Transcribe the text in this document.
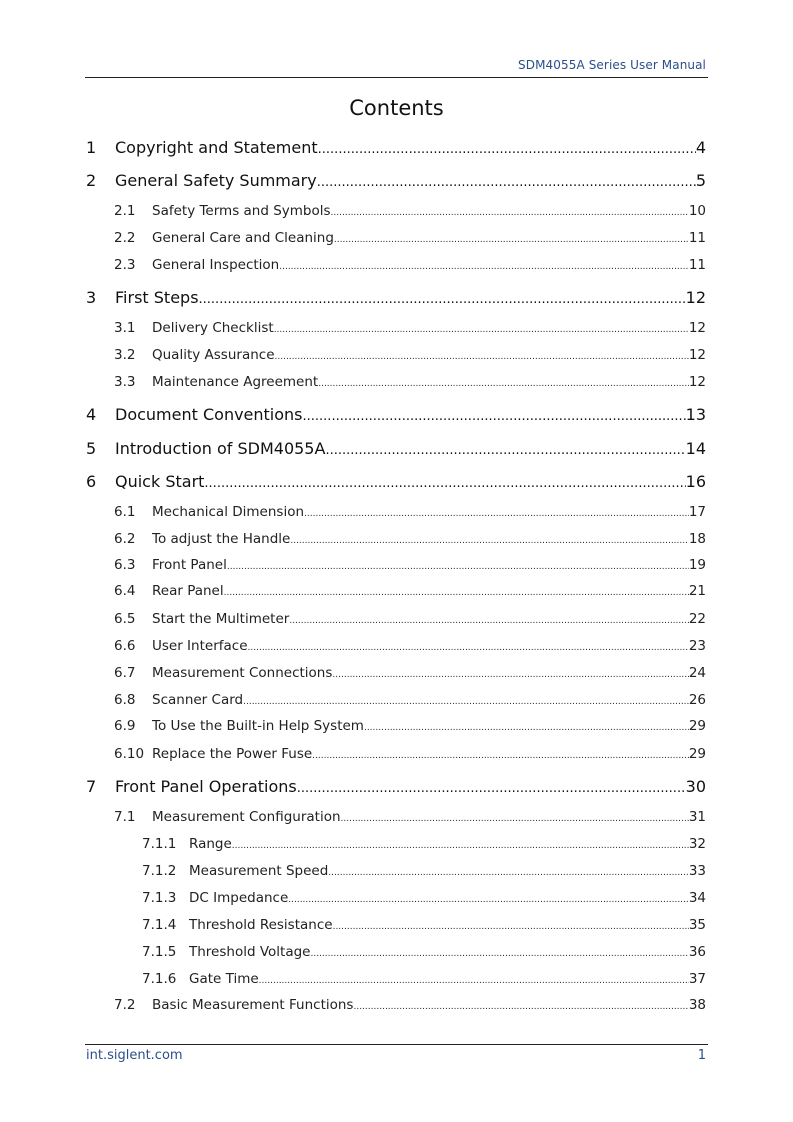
SDM4055A Series User Manual
Contents
1 Copyright and Statement .....	4
2 General Safety Summary .....	5
2.1 Safety Terms and Symbols .....	10
2.2 General Care and Cleaning .....	11
2.3 General Inspection .....	11
3 First Steps .....	12
3.1 Delivery Checklist .....	12
3.2 Quality Assurance .....	12
3.3 Maintenance Agreement .....	12
4 Document Conventions .....	13
5 Introduction of SDM4055A .....	14
6 Quick Start .....	16
6.1 Mechanical Dimension .....	17
6.2 To adjust the Handle .....	18
6.3 Front Panel .....	19
6.4 Rear Panel .....	21
6.5 Start the Multimeter .....	22
6.6 User Interface .....	23
6.7 Measurement Connections .....	24
6.8 Scanner Card .....	26
6.9 To Use the Built-in Help System .....	29
6.10 Replace the Power Fuse .....	29
7 Front Panel Operations .....	30
7.1 Measurement Configuration .....	31
7.1.1 Range .....	32
7.1.2 Measurement Speed .....	33
7.1.3 DC Impedance .....	34
7.1.4 Threshold Resistance .....	35
7.1.5 Threshold Voltage .....	36
7.1.6 Gate Time .....	37
7.2 Basic Measurement Functions .....	38
int.siglent.com	1
